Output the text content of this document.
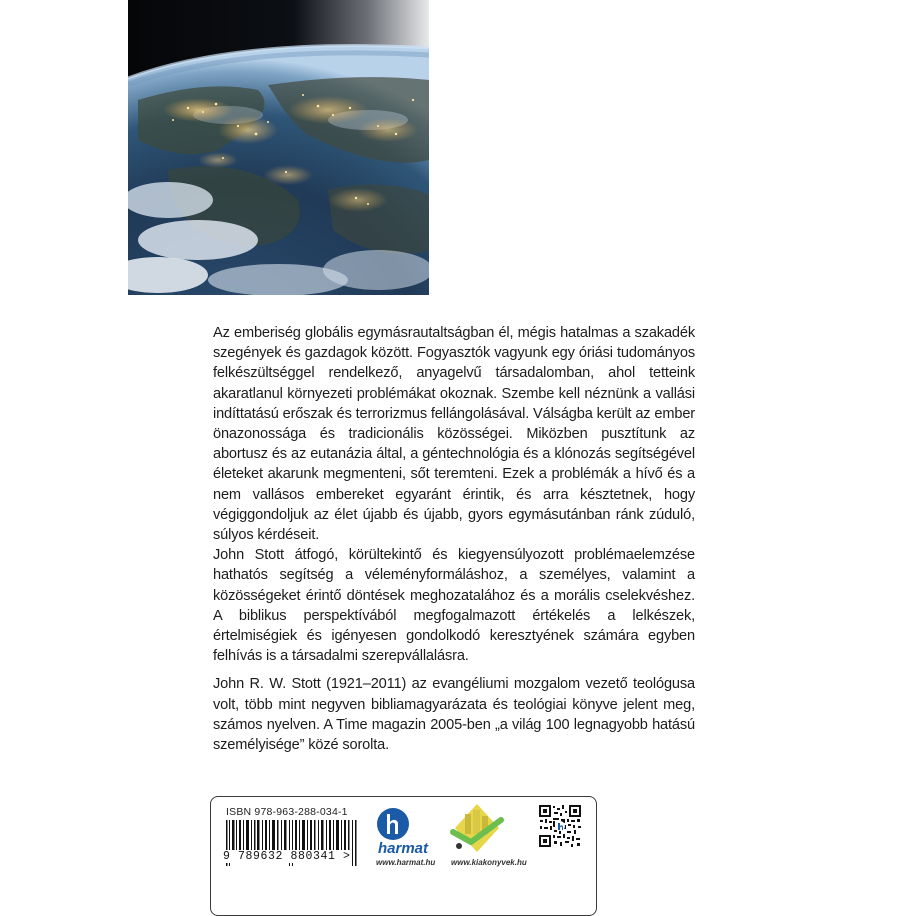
Az emberiség globális egymásrautaltságban él, mégis hatalmas a szakadék szegények és gazdagok között. Fogyasztók vagyunk egy óriási tudományos felkészültséggel rendelkező, anyagelvű társadalomban, ahol tetteink akaratlanul környezeti problémákat okoznak. Szembe kell néznünk a vallási indíttatású erőszak és terrorizmus fellángolásával. Válságba került az ember önazonossága és tradicionális közösségei. Miközben pusztítunk az abortusz és az eutanázia által, a géntechnológia és a klónozás segítségével életeket akarunk megmenteni, sőt teremteni. Ezek a problémák a hívő és a nem vallásos embereket egyaránt érintik, és arra késztetnek, hogy végiggondoljuk az élet újabb és újabb, gyors egymásutánban ránk zúduló, súlyos kérdéseit.

John Stott átfogó, körültekintő és kiegyensúlyozott problémaelemzése hathatós segítség a véleményformáláshoz, a személyes, valamint a közösségeket érintő döntések meghozatalához és a morális cselekvéshez. A biblikus perspektívából megfogalmazott értékelés a lelkészek, értelmiségiek és igényesen gondolkodó keresztyének számára egyben felhívás is a társadalmi szerepvállalásra.

John R. W. Stott (1921–2011) az evangéliumi mozgalom vezető teológusa volt, több mint negyven bibliamagyarázata és teológiai könyve jelent meg, számos nyelven. A Time magazin 2005-ben „a világ 100 legnagyobb hatású személyisége” közé sorolta.

ISBN 978-963-288-034-1
9 789632 880341 > harmat
www.harmat.hu www.kiakonyvek.hu
